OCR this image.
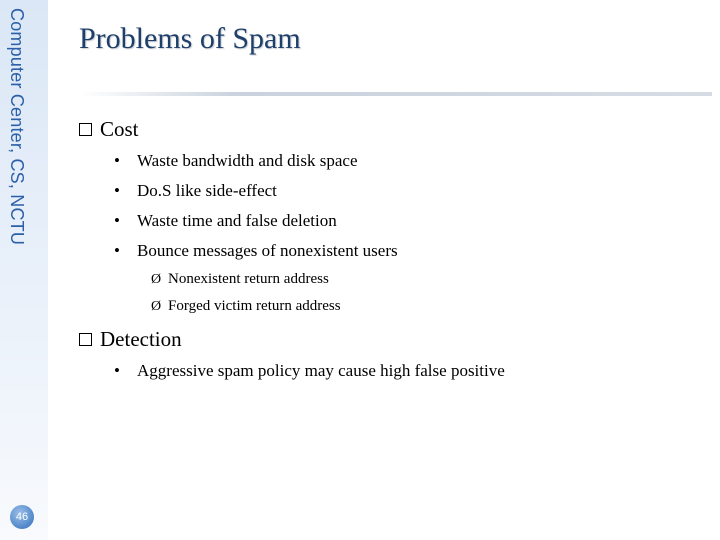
Computer Center, CS, NCTU
46
Problems of Spam
Cost
•	Waste bandwidth and disk space
•	Do.S like side-effect
•	Waste time and false deletion
•	Bounce messages of nonexistent users
Ø Nonexistent return address
Ø Forged victim return address
Detection
•	Aggressive spam policy may cause high false positive
